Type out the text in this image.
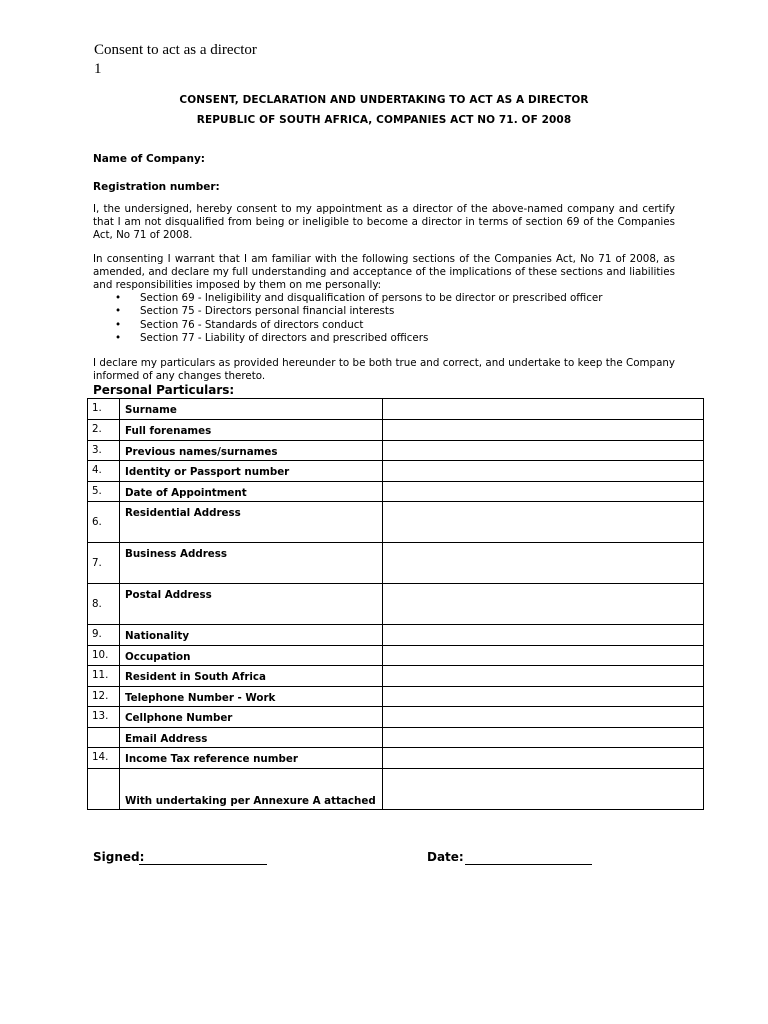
Consent to act as a director
1
CONSENT, DECLARATION AND UNDERTAKING TO ACT AS A DIRECTOR
REPUBLIC OF SOUTH AFRICA, COMPANIES ACT NO 71. OF 2008
Name of Company:
Registration number:
I, the undersigned, hereby consent to my appointment as a director of the above-named company and certify that I am not disqualified from being or ineligible to become a director in terms of section 69 of the Companies Act, No 71 of 2008.
In consenting I warrant that I am familiar with the following sections of the Companies Act, No 71 of 2008, as amended, and declare my full understanding and acceptance of the implications of these sections and liabilities and responsibilities imposed by them on me personally:
• Section 69 - Ineligibility and disqualification of persons to be director or prescribed officer
• Section 75 - Directors personal financial interests
• Section 76 - Standards of directors conduct
• Section 77 - Liability of directors and prescribed officers
I declare my particulars as provided hereunder to be both true and correct, and undertake to keep the Company informed of any changes thereto.
Personal Particulars:
1.	Surname	

2.	Full forenames	

3.	Previous names/surnames	

4.	Identity or Passport number	

5.	Date of Appointment	

6.	Residential Address	

7.	Business Address	

8.	Postal Address	

9.	Nationality	

10.	Occupation	

11.	Resident in South Africa	

12.	Telephone Number - Work	

13.	Cellphone Number	

	Email Address	

14.	Income Tax reference number	

	With undertaking per Annexure A attached	

Signed:	Date:
